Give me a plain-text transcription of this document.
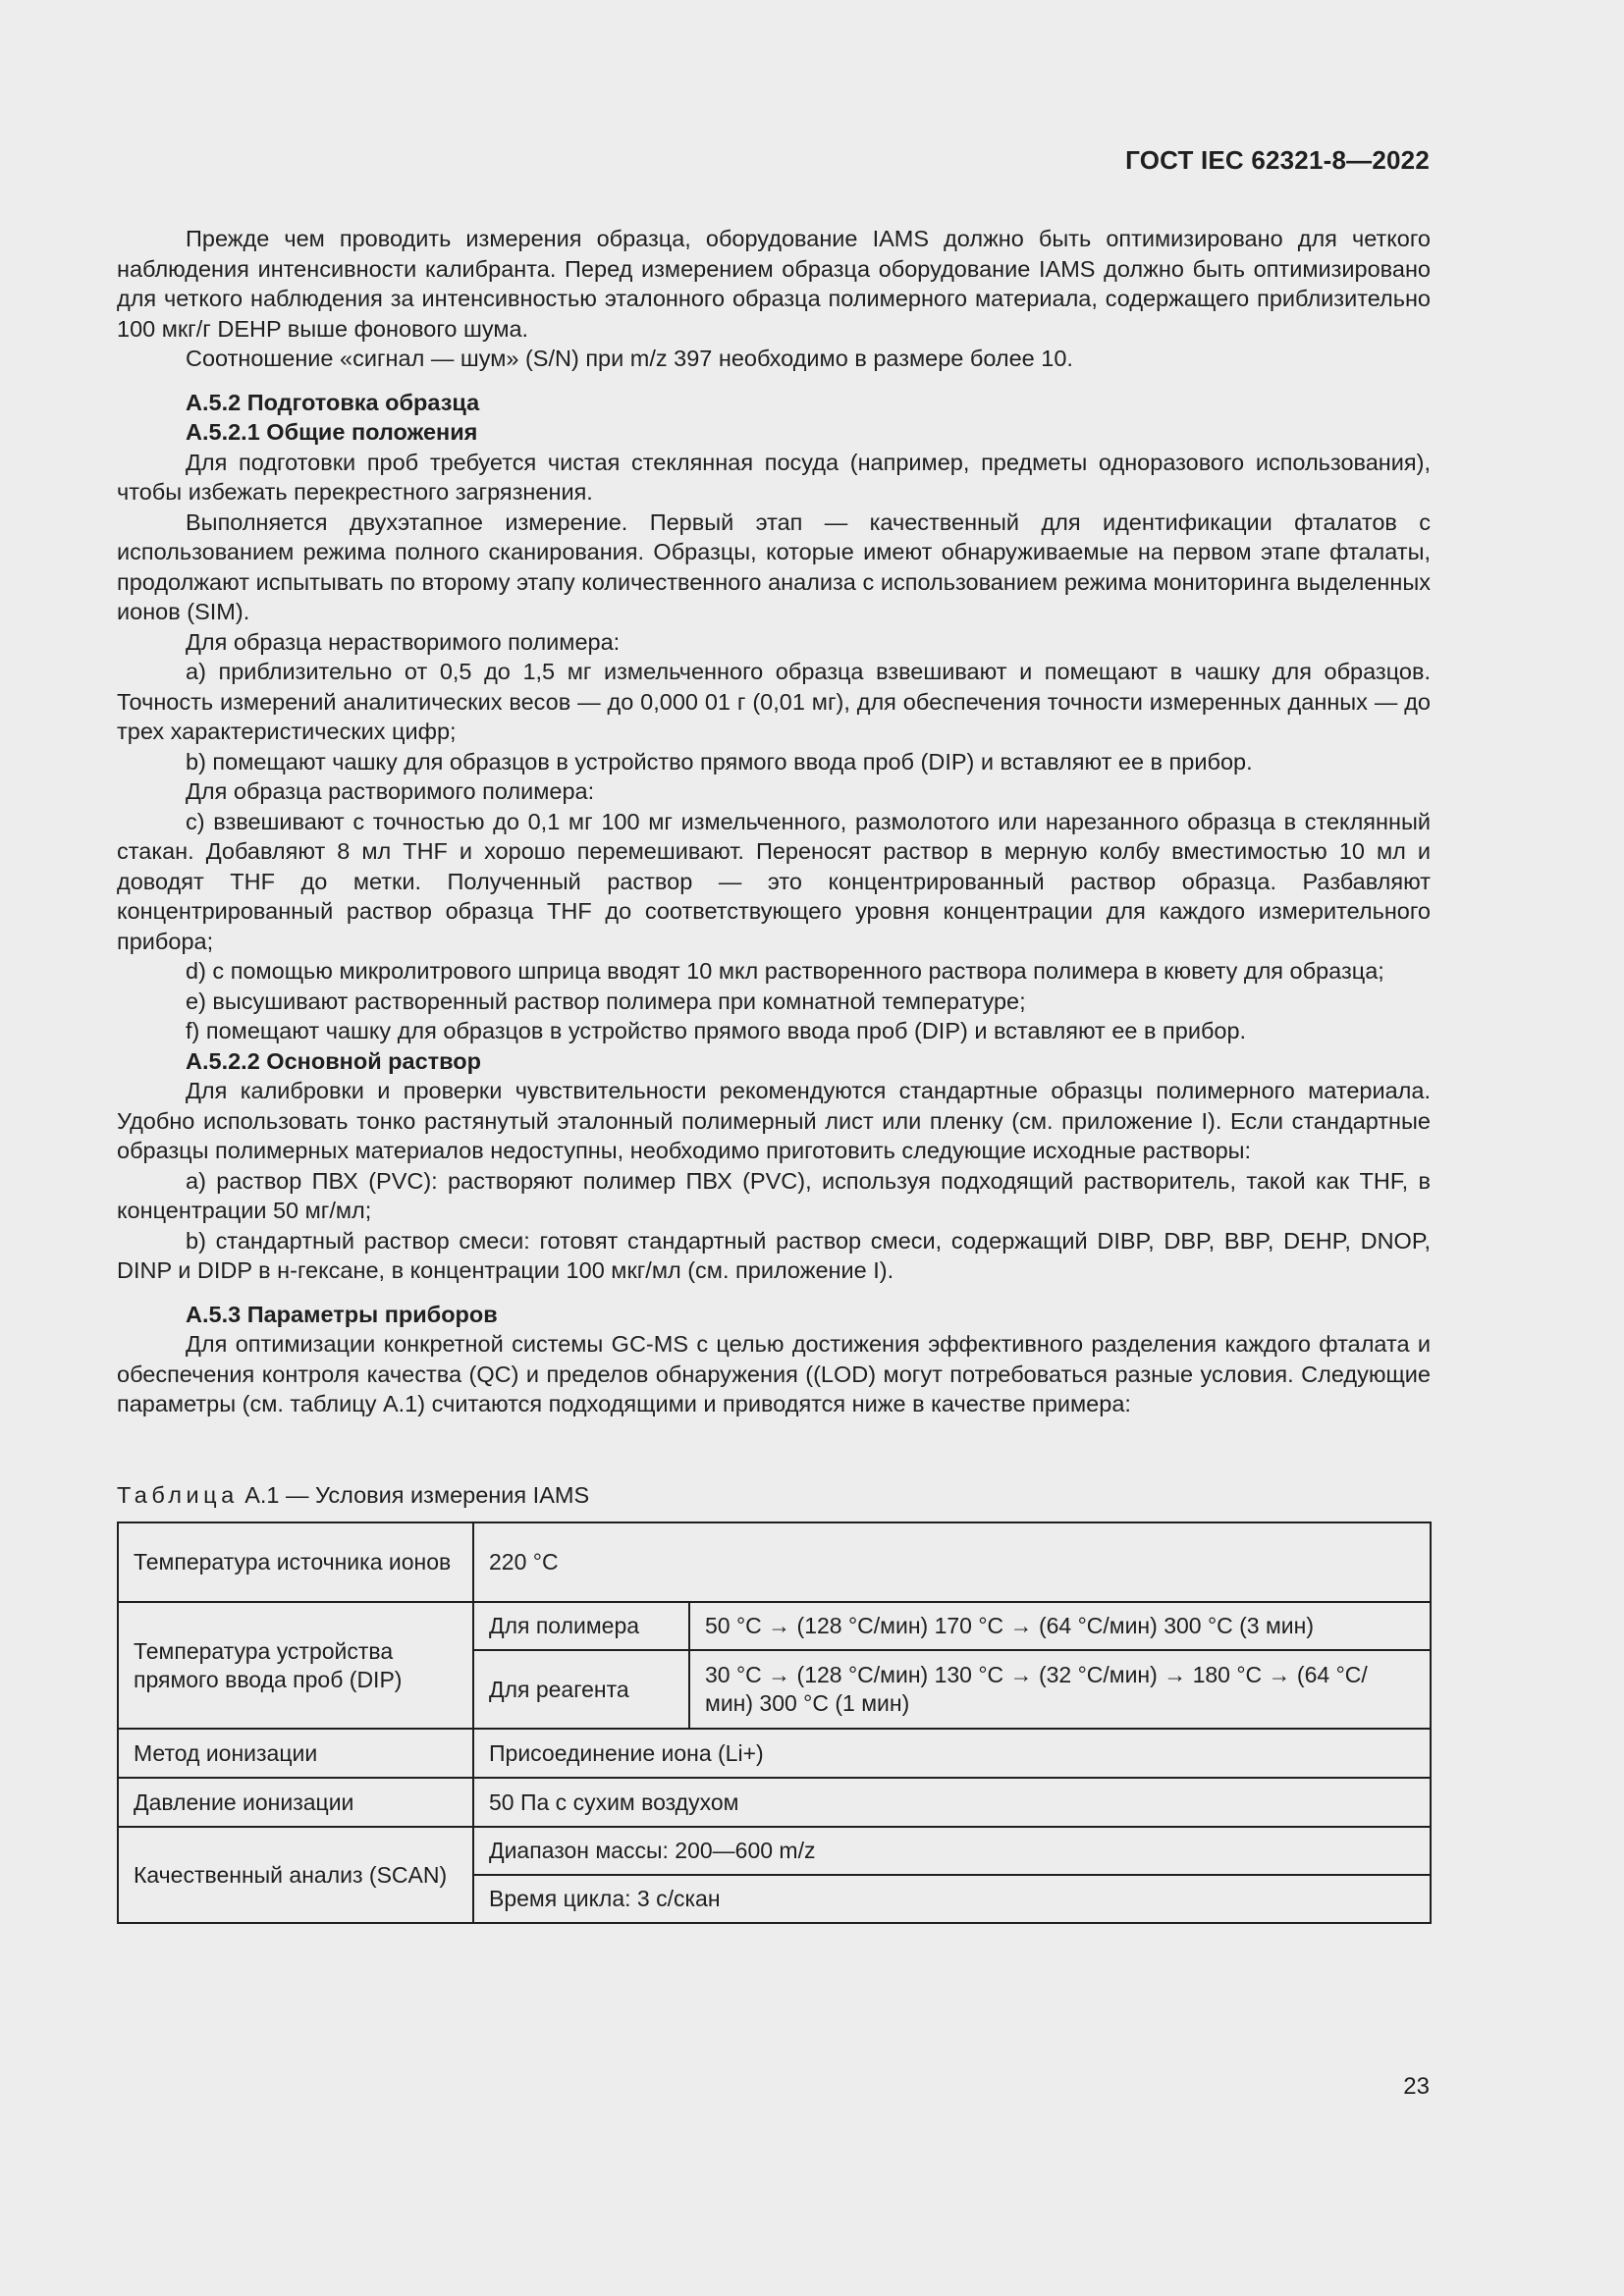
ГОСТ IEC 62321-8—2022

Прежде чем проводить измерения образца, оборудование IAMS должно быть оптимизировано для четкого наблюдения интенсивности калибранта. Перед измерением образца оборудование IAMS должно быть оптимизировано для четкого наблюдения за интенсивностью эталонного образца полимерного материала, содержащего приблизительно 100 мкг/г DEHP выше фонового шума.

Соотношение «сигнал — шум» (S/N) при m/z 397 необходимо в размере более 10.

А.5.2 Подготовка образца

А.5.2.1 Общие положения

Для подготовки проб требуется чистая стеклянная посуда (например, предметы одноразового использования), чтобы избежать перекрестного загрязнения.

Выполняется двухэтапное измерение. Первый этап — качественный для идентификации фталатов с использованием режима полного сканирования. Образцы, которые имеют обнаруживаемые на первом этапе фталаты, продолжают испытывать по второму этапу количественного анализа с использованием режима мониторинга выделенных ионов (SIM).

Для образца нерастворимого полимера:

a) приблизительно от 0,5 до 1,5 мг измельченного образца взвешивают и помещают в чашку для образцов. Точность измерений аналитических весов — до 0,000 01 г (0,01 мг), для обеспечения точности измеренных данных — до трех характеристических цифр;

b) помещают чашку для образцов в устройство прямого ввода проб (DIP) и вставляют ее в прибор.

Для образца растворимого полимера:

c) взвешивают с точностью до 0,1 мг 100 мг измельченного, размолотого или нарезанного образца в стеклянный стакан. Добавляют 8 мл THF и хорошо перемешивают. Переносят раствор в мерную колбу вместимостью 10 мл и доводят THF до метки. Полученный раствор — это концентрированный раствор образца. Разбавляют концентрированный раствор образца THF до соответствующего уровня концентрации для каждого измерительного прибора;

d) с помощью микролитрового шприца вводят 10 мкл растворенного раствора полимера в кювету для образца;

e) высушивают растворенный раствор полимера при комнатной температуре;

f) помещают чашку для образцов в устройство прямого ввода проб (DIP) и вставляют ее в прибор.

А.5.2.2 Основной раствор

Для калибровки и проверки чувствительности рекомендуются стандартные образцы полимерного материала. Удобно использовать тонко растянутый эталонный полимерный лист или пленку (см. приложение I). Если стандартные образцы полимерных материалов недоступны, необходимо приготовить следующие исходные растворы:

a) раствор ПВХ (PVC): растворяют полимер ПВХ (PVC), используя подходящий растворитель, такой как THF, в концентрации 50 мг/мл;

b) стандартный раствор смеси: готовят стандартный раствор смеси, содержащий DIBP, DBP, BBP, DEHP, DNOP, DINP и DIDP в н-гексане, в концентрации 100 мкг/мл (см. приложение I).

А.5.3 Параметры приборов

Для оптимизации конкретной системы GC-MS с целью достижения эффективного разделения каждого фталата и обеспечения контроля качества (QC) и пределов обнаружения ((LOD) могут потребоваться разные условия. Следующие параметры (см. таблицу А.1) считаются подходящими и приводятся ниже в качестве примера:

Таблица А.1 — Условия измерения IAMS
Температура источника ионов	220 °C	
Температура устройства прямого ввода проб (DIP)	Для полимера	50 °C → (128 °C/мин) 170 °C → (64 °C/мин) 300 °C (3 мин)
	Для реагента	30 °C → (128 °C/мин) 130 °C → (32 °C/мин) → 180 °C → (64 °C/мин) 300 °C (1 мин)
Метод ионизации	Присоединение иона (Li+)	
Давление ионизации	50 Па с сухим воздухом	
Качественный анализ (SCAN)	Диапазон массы: 200—600 m/z	
	Время цикла: 3 с/скан	
23
